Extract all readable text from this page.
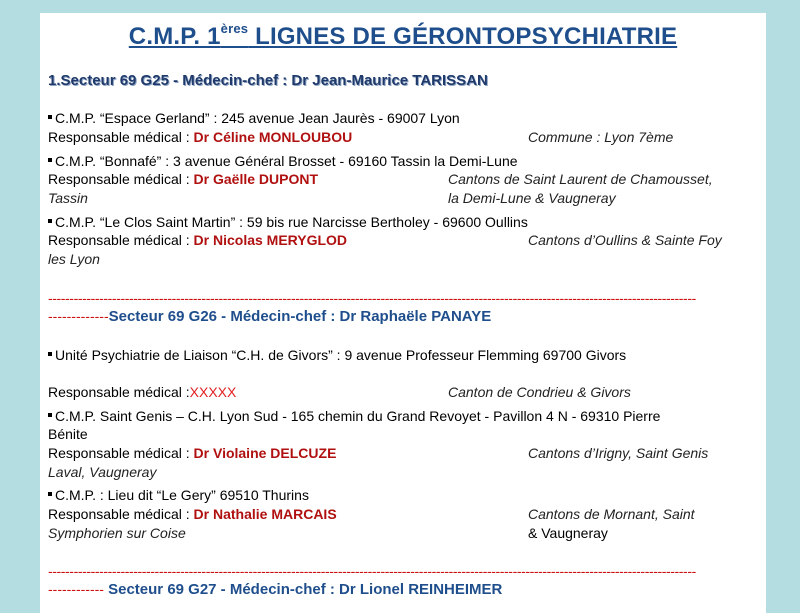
C.M.P. 1ères LIGNES DE GÉRONTOPSYCHIATRIE
1.Secteur 69 G25 - Médecin-chef : Dr Jean-Maurice TARISSAN
C.M.P. “Espace Gerland” : 245 avenue Jean Jaurès - 69007 Lyon
Responsable médical : Dr Céline MONLOUBOU	Commune : Lyon 7ème
C.M.P. “Bonnafé” : 3 avenue Général Brosset - 69160 Tassin la Demi-Lune
Responsable médical : Dr Gaëlle DUPONT	Cantons de Saint Laurent de Chamousset,
Tassin	la Demi-Lune & Vaugneray
C.M.P. “Le Clos Saint Martin” : 59 bis rue Narcisse Bertholey - 69600 Oullins
Responsable médical : Dr Nicolas MERYGLOD	Cantons d’Oullins & Sainte Foy
les Lyon
--------------------------------------------------------------------------------------------------------------------------------------------------------
-------------Secteur 69 G26 - Médecin-chef : Dr Raphaële PANAYE
Unité Psychiatrie de Liaison “C.H. de Givors” : 9 avenue Professeur Flemming 69700 Givors
Responsable médical :XXXXX	Canton de Condrieu & Givors
C.M.P. Saint Genis – C.H. Lyon Sud - 165 chemin du Grand Revoyet - Pavillon 4 N - 69310 Pierre
Bénite
Responsable médical : Dr Violaine DELCUZE	Cantons d’Irigny, Saint Genis
Laval, Vaugneray
C.M.P. : Lieu dit “Le Gery” 69510 Thurins
Responsable médical : Dr Nathalie MARCAIS	Cantons de Mornant, Saint
Symphorien sur Coise	& Vaugneray
--------------------------------------------------------------------------------------------------------------------------------------------------------
------------ Secteur 69 G27 - Médecin-chef : Dr Lionel REINHEIMER
